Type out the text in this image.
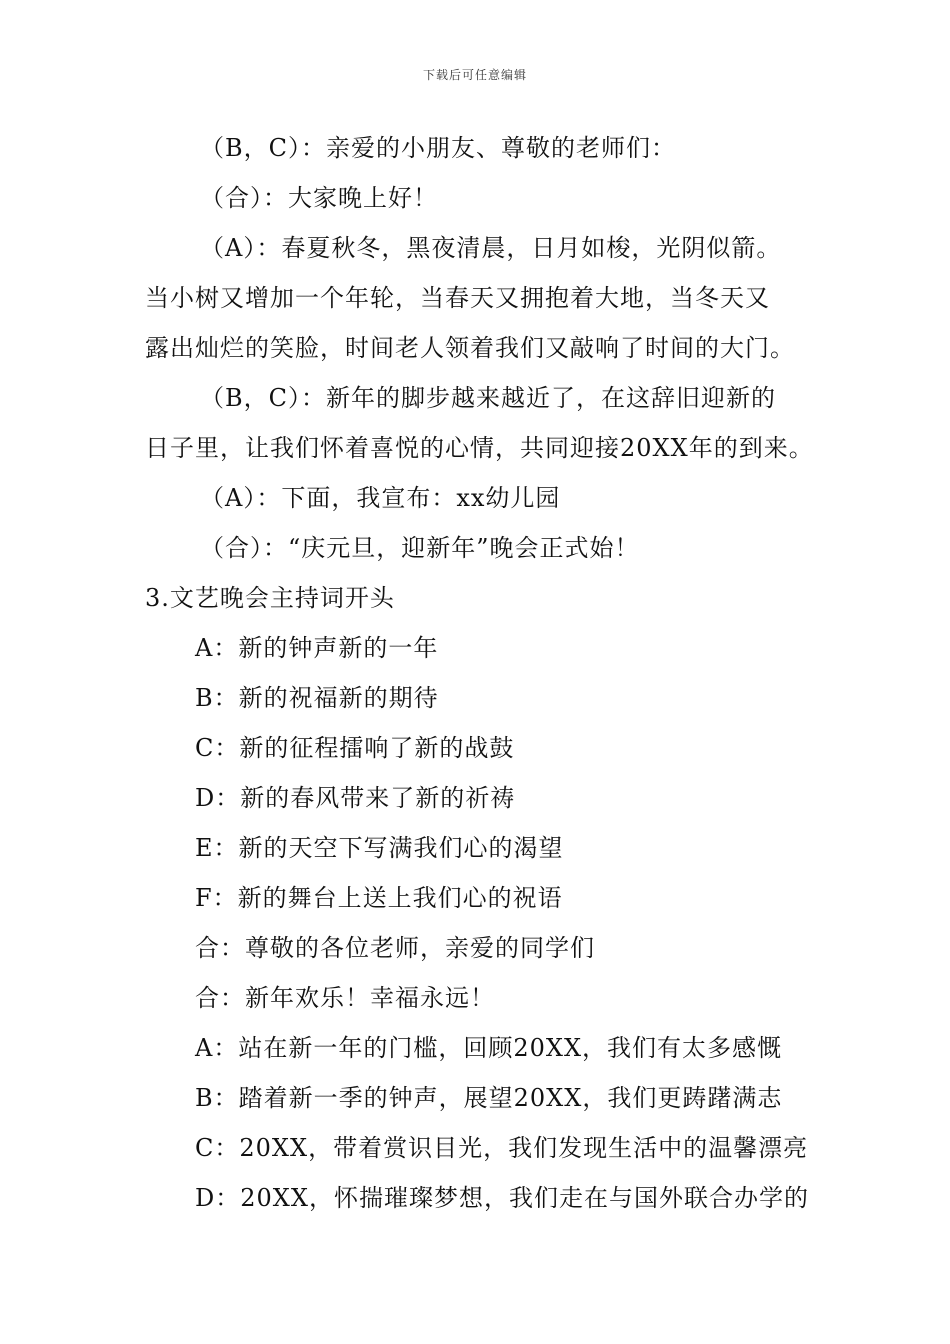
下载后可任意编辑
（B，C）：亲爱的小朋友、尊敬的老师们：
（合）：大家晚上好！
（A）：春夏秋冬，黑夜清晨，日月如梭，光阴似箭。
当小树又增加一个年轮，当春天又拥抱着大地，当冬天又
露出灿烂的笑脸，时间老人领着我们又敲响了时间的大门。
（B，C）：新年的脚步越来越近了，在这辞旧迎新的
日子里，让我们怀着喜悦的心情，共同迎接20XX年的到来。
（A）：下面，我宣布：xx幼儿园
（合）：“庆元旦，迎新年”晚会正式始！
3.文艺晚会主持词开头
A：新的钟声新的一年
B：新的祝福新的期待
C：新的征程擂响了新的战鼓
D：新的春风带来了新的祈祷
E：新的天空下写满我们心的渴望
F：新的舞台上送上我们心的祝语
合：尊敬的各位老师，亲爱的同学们
合：新年欢乐！幸福永远！
A：站在新一年的门槛，回顾20XX，我们有太多感慨
B：踏着新一季的钟声，展望20XX，我们更踌躇满志
C：20XX，带着赏识目光，我们发现生活中的温馨漂亮
D：20XX，怀揣璀璨梦想，我们走在与国外联合办学的
